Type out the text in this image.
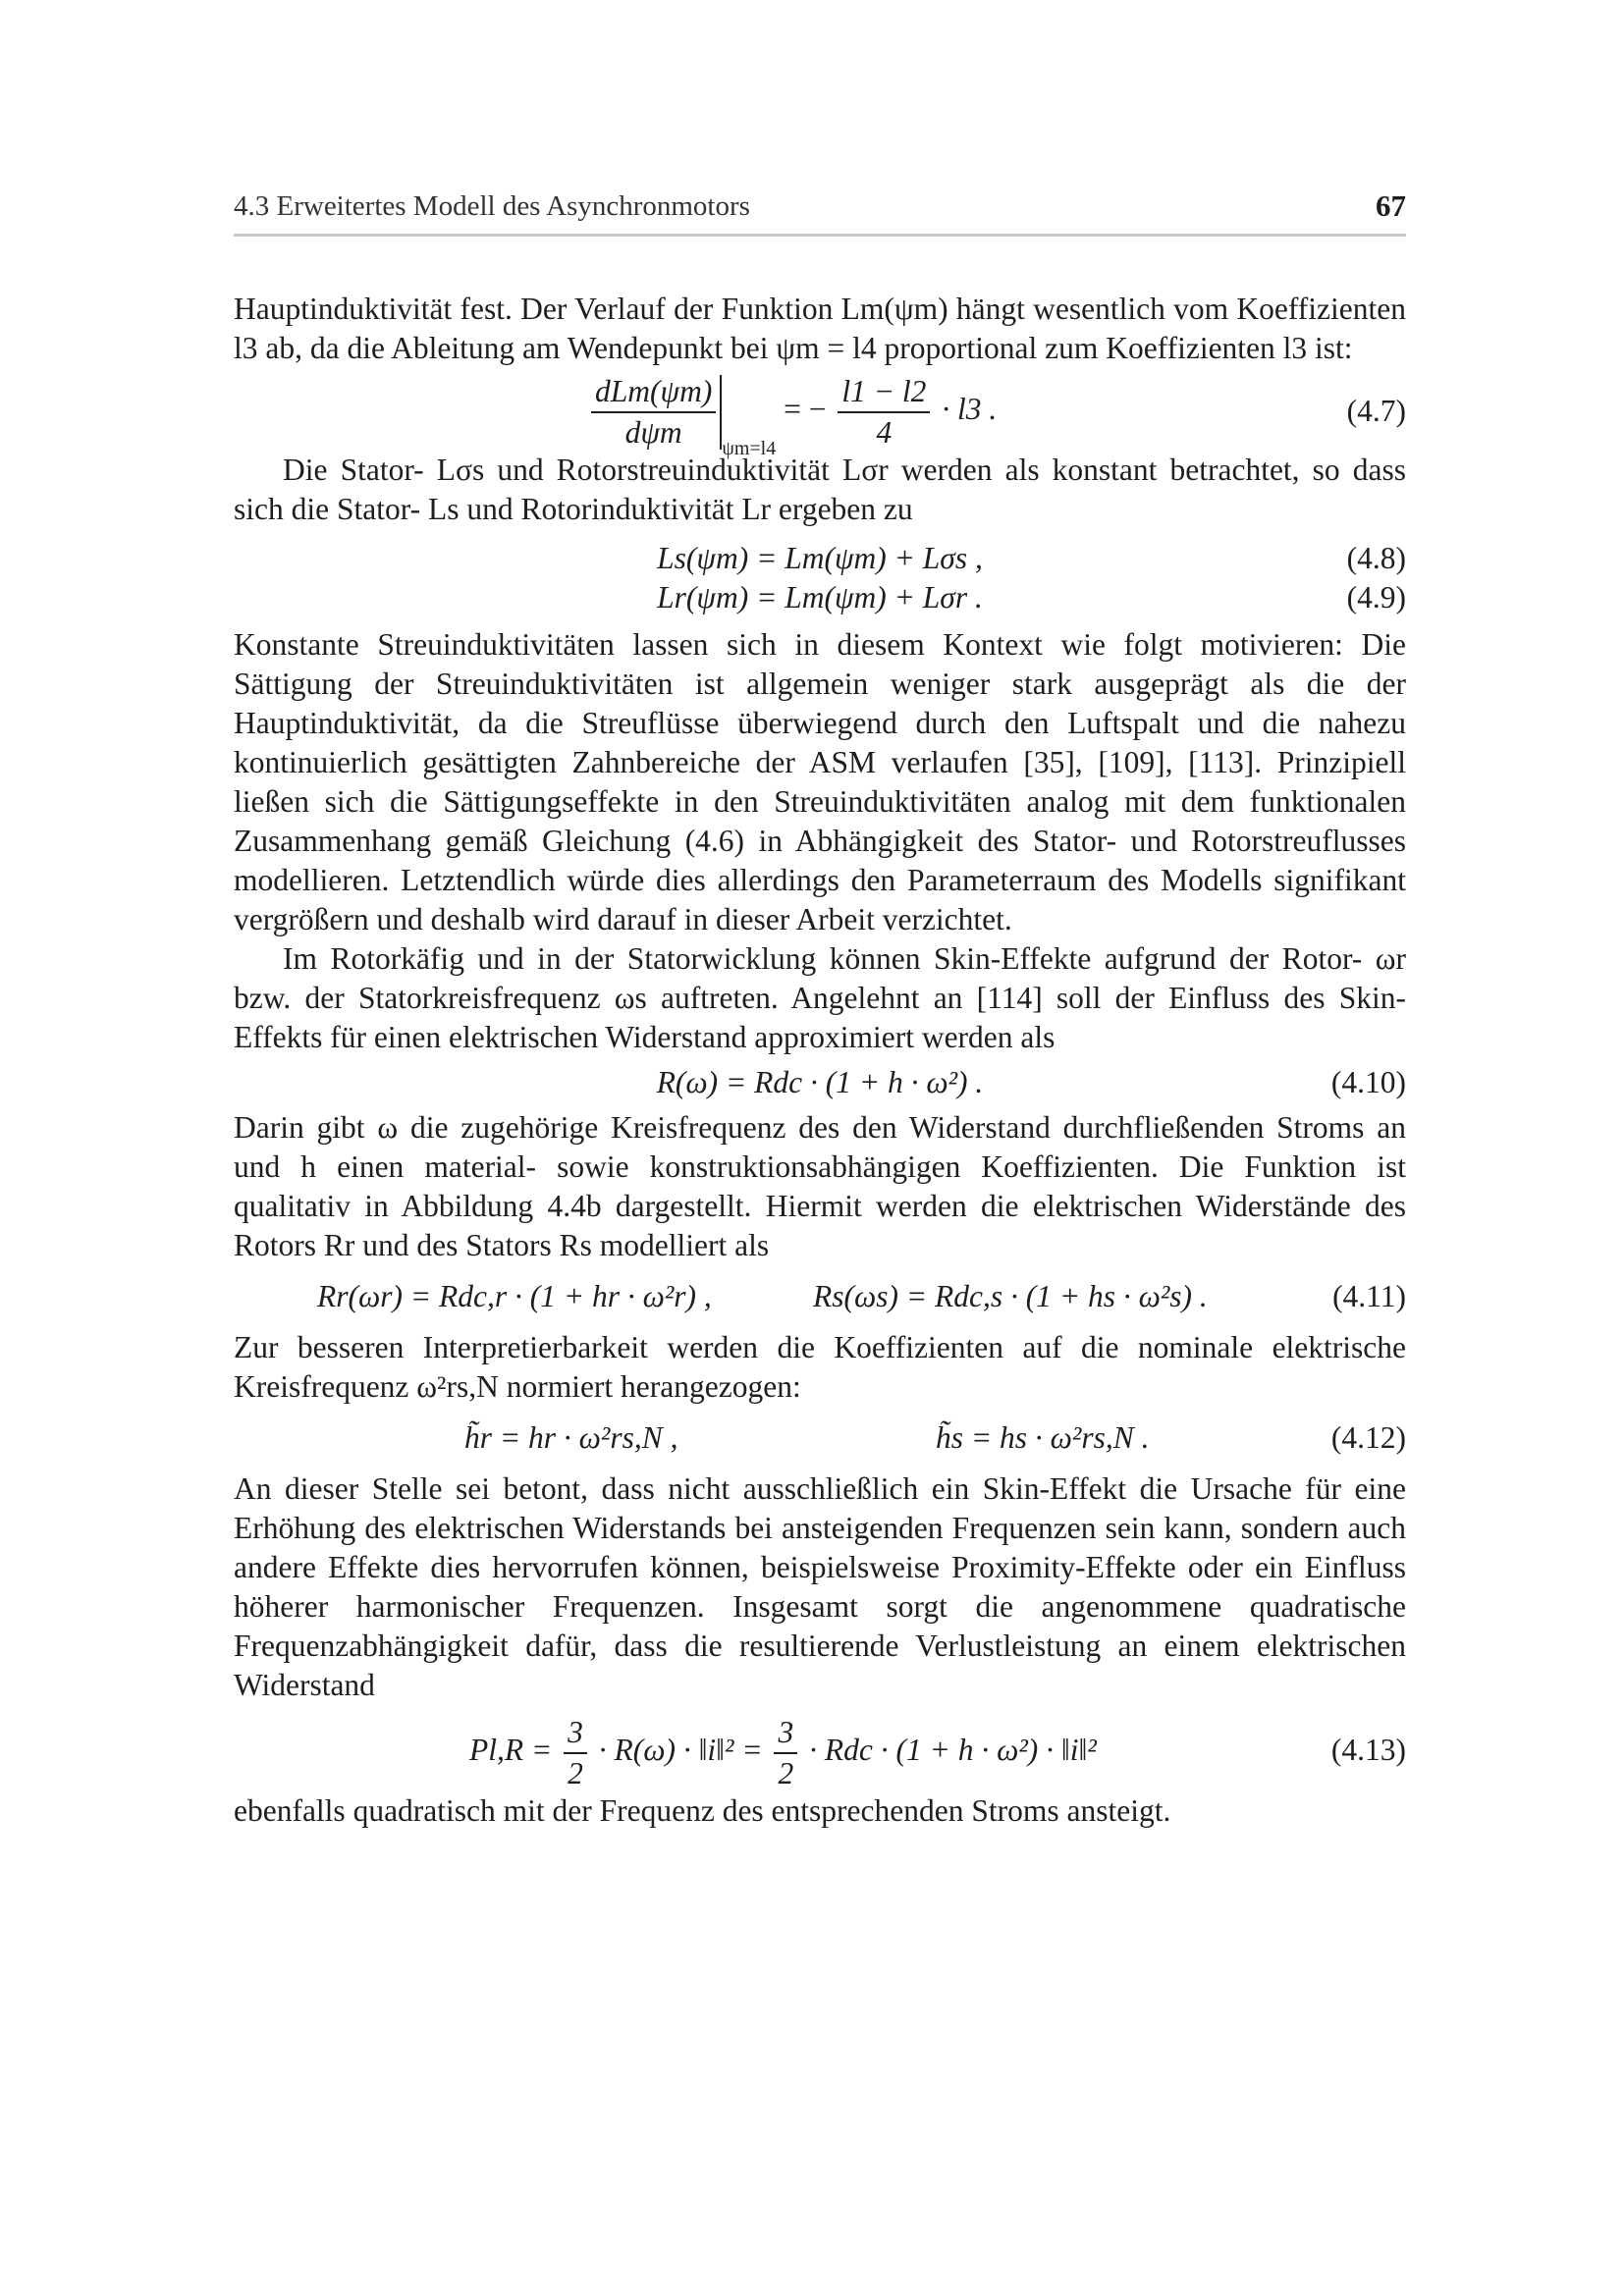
4.3 Erweitertes Modell des Asynchronmotors	67

Hauptinduktivität fest. Der Verlauf der Funktion Lm(ψm) hängt wesentlich vom Koeffizienten l3 ab, da die Ableitung am Wendepunkt bei ψm = l4 proportional zum Koeffizienten l3 ist:

$\frac{\text{dLm(ψm)}}{\text{dψm}} _{\psi m=l4}$ = − $\frac{l1 - l2}{4} \cdot l3$ .	(4.7)

Die Stator- Lσs und Rotorstreuinduktivität Lσr werden als konstant betrachtet, so dass sich die Stator- Ls und Rotorinduktivität Lr ergeben zu

Ls(ψm) = Lm(ψm) + Lσs ,	(4.8)
Lr(ψm) = Lm(ψm) + Lσr .	(4.9)

Konstante Streuinduktivitäten lassen sich in diesem Kontext wie folgt motivieren: Die Sättigung der Streuinduktivitäten ist allgemein weniger stark ausgeprägt als die der Hauptinduktivität, da die Streuflüsse überwiegend durch den Luftspalt und die nahezu kontinuierlich gesättigten Zahnbereiche der ASM verlaufen [35], [109], [113]. Prinzipiell ließen sich die Sättigungseffekte in den Streuinduktivitäten analog mit dem funktionalen Zusammenhang gemäß Gleichung (4.6) in Abhängigkeit des Stator- und Rotorstreuflusses modellieren. Letztendlich würde dies allerdings den Parameterraum des Modells signifikant vergrößern und deshalb wird darauf in dieser Arbeit verzichtet.

Im Rotorkäfig und in der Statorwicklung können Skin-Effekte aufgrund der Rotor- ωr bzw. der Statorkreisfrequenz ωs auftreten. Angelehnt an [114] soll der Einfluss des Skin-Effekts für einen elektrischen Widerstand approximiert werden als

R(ω) = Rdc · (1 + h · ω²) .	(4.10)

Darin gibt ω die zugehörige Kreisfrequenz des den Widerstand durchfließenden Stroms an und h einen material- sowie konstruktionsabhängigen Koeffizienten. Die Funktion ist qualitativ in Abbildung 4.4b dargestellt. Hiermit werden die elektrischen Widerstände des Rotors Rr und des Stators Rs modelliert als

Rr(ωr) = Rdc,r · (1 + hr · ω²r) ,	Rs(ωs) = Rdc,s · (1 + hs · ω²s) .	(4.11)

Zur besseren Interpretierbarkeit werden die Koeffizienten auf die nominale elektrische Kreisfrequenz ω²rs,N normiert herangezogen:

h̃r = hr · ω²rs,N ,	h̃s = hs · ω²rs,N .	(4.12)

An dieser Stelle sei betont, dass nicht ausschließlich ein Skin-Effekt die Ursache für eine Erhöhung des elektrischen Widerstands bei ansteigenden Frequenzen sein kann, sondern auch andere Effekte dies hervorrufen können, beispielsweise Proximity-Effekte oder ein Einfluss höherer harmonischer Frequenzen. Insgesamt sorgt die angenommene quadratische Frequenzabhängigkeit dafür, dass die resultierende Verlustleistung an einem elektrischen Widerstand

$Pl,R = \frac{3}{2} \cdot R(\omega)$ · ‖i‖² = $\frac{3}{2}$ · Rdc · (1 + h · ω²) · ‖i‖²	(4.13)

ebenfalls quadratisch mit der Frequenz des entsprechenden Stroms ansteigt.
